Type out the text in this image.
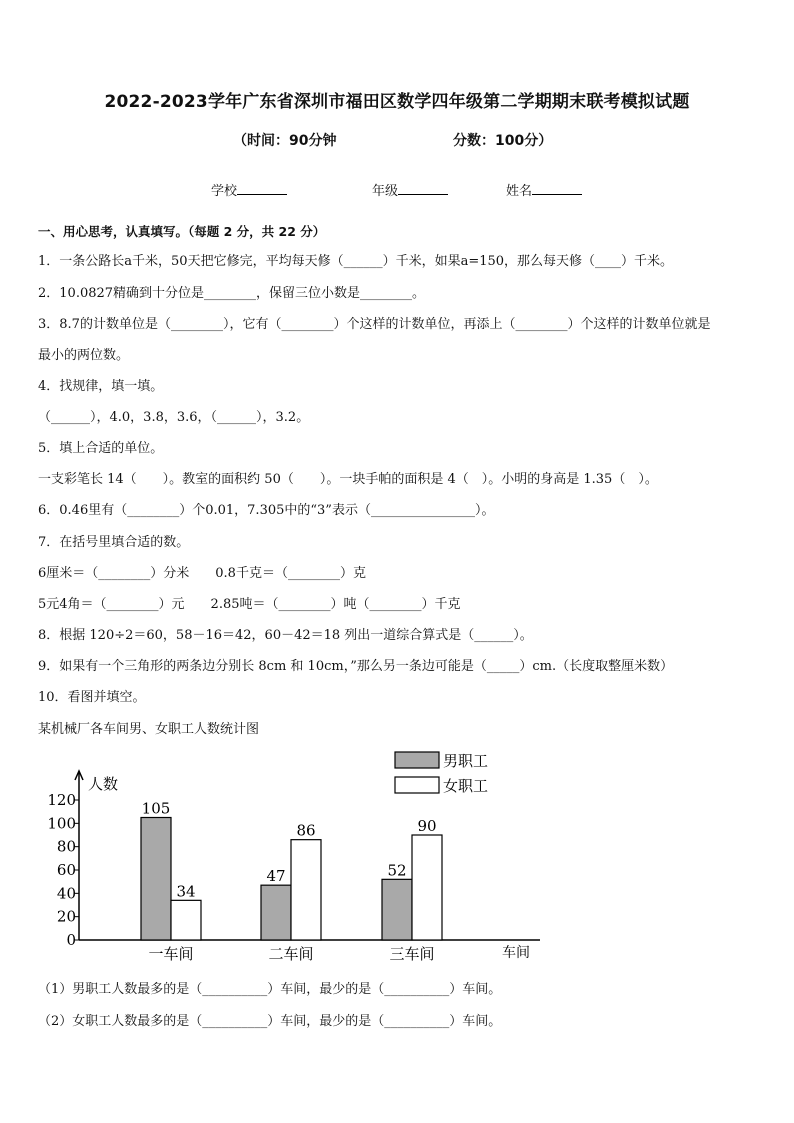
2022-2023学年广东省深圳市福田区数学四年级第二学期期末联考模拟试题
（时间：90分钟	分数：100分）
学校	年级	姓名
一、用心思考，认真填写。（每题 2 分，共 22 分）
1．一条公路长a千米，50天把它修完，平均每天修（______）千米，如果a=150，那么每天修（____）千米。
2．10.0827精确到十分位是________，保留三位小数是________。
3．8.7的计数单位是（________），它有（________）个这样的计数单位，再添上（________）个这样的计数单位就是
最小的两位数。
4．找规律，填一填。
（______），4.0，3.8，3.6，（______），3.2。
5．填上合适的单位。
一支彩笔长 14（　　）。教室的面积约 50（　　）。一块手帕的面积是 4（　）。小明的身高是 1.35（　）。
6．0.46里有（________）个0.01，7.305中的“3”表示（________________）。
7．在括号里填合适的数。
6厘米＝（________）分米　　0.8千克＝（________）克
5元4角＝（________）元　　2.85吨＝（________）吨（________）千克
8．根据 120÷2＝60，58－16＝42，60－42＝18 列出一道综合算式是（______）。
9．如果有一个三角形的两条边分别长 8cm 和 10cm，”那么另一条边可能是（_____）cm.（长度取整厘米数）
10．看图并填空。
某机械厂各车间男、女职工人数统计图
0
20
40
60
80
100
120	105
34
一车间
47
86
二车间
52
90
三车间
男职工
女职工
人数
车间
（1）男职工人数最多的是（__________）车间，最少的是（__________）车间。
（2）女职工人数最多的是（__________）车间，最少的是（__________）车间。
